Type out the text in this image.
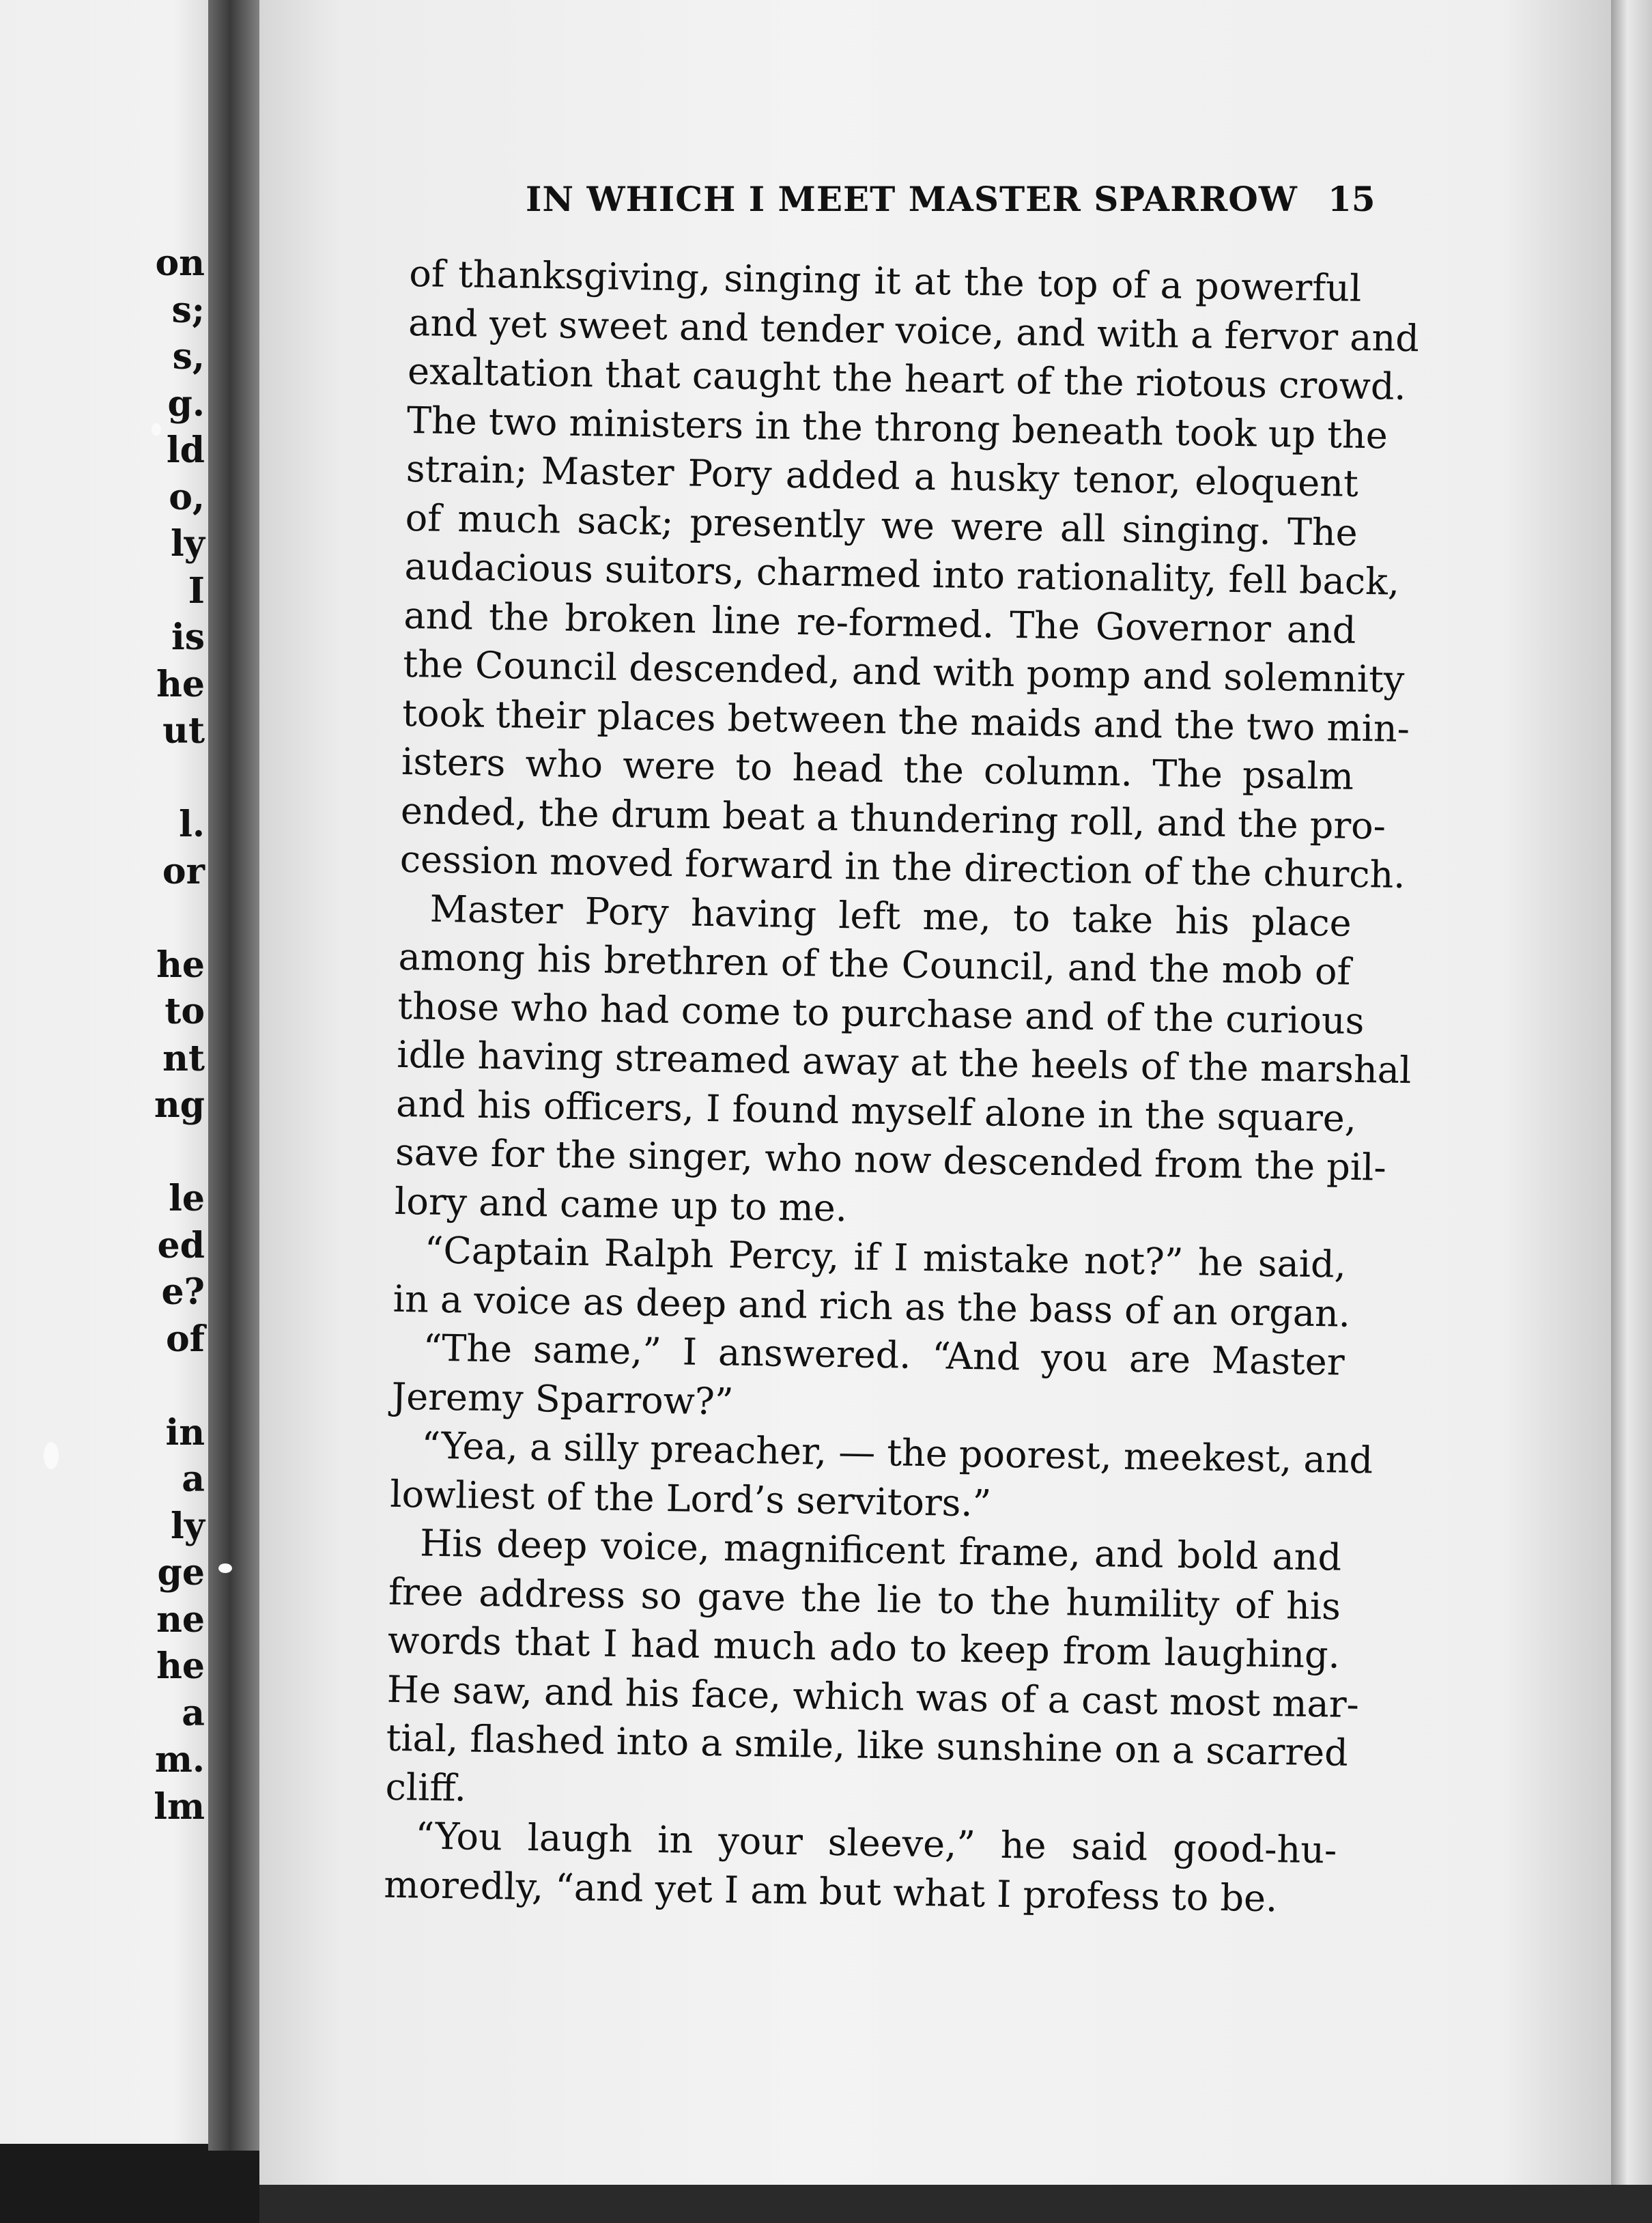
on
s;
s,
g.
ld
o,
ly
I
is
he
ut
l.
or
he
to
nt
ng
le
ed
e?
of
in
a
ly
ge
ne
he
a
m.
lm
IN WHICH I MEET MASTER SPARROW 15
of thanksgiving, singing it at the top of a powerful
and yet sweet and tender voice, and with a fervor and
exaltation that caught the heart of the riotous crowd.
The two ministers in the throng beneath took up the
strain; Master Pory added a husky tenor, eloquent
of much sack; presently we were all singing. The
audacious suitors, charmed into rationality, fell back,
and the broken line re-formed. The Governor and
the Council descended, and with pomp and solemnity
took their places between the maids and the two min-
isters who were to head the column. The psalm
ended, the drum beat a thundering roll, and the pro-
cession moved forward in the direction of the church.
Master Pory having left me, to take his place
among his brethren of the Council, and the mob of
those who had come to purchase and of the curious
idle having streamed away at the heels of the marshal
and his officers, I found myself alone in the square,
save for the singer, who now descended from the pil-
lory and came up to me.
“Captain Ralph Percy, if I mistake not?” he said,
in a voice as deep and rich as the bass of an organ.
“The same,” I answered. “And you are Master
Jeremy Sparrow?”
“Yea, a silly preacher, — the poorest, meekest, and
lowliest of the Lord’s servitors.”
His deep voice, magnificent frame, and bold and
free address so gave the lie to the humility of his
words that I had much ado to keep from laughing.
He saw, and his face, which was of a cast most mar-
tial, flashed into a smile, like sunshine on a scarred
cliff.
“You laugh in your sleeve,” he said good-hu-
moredly, “and yet I am but what I profess to be.
